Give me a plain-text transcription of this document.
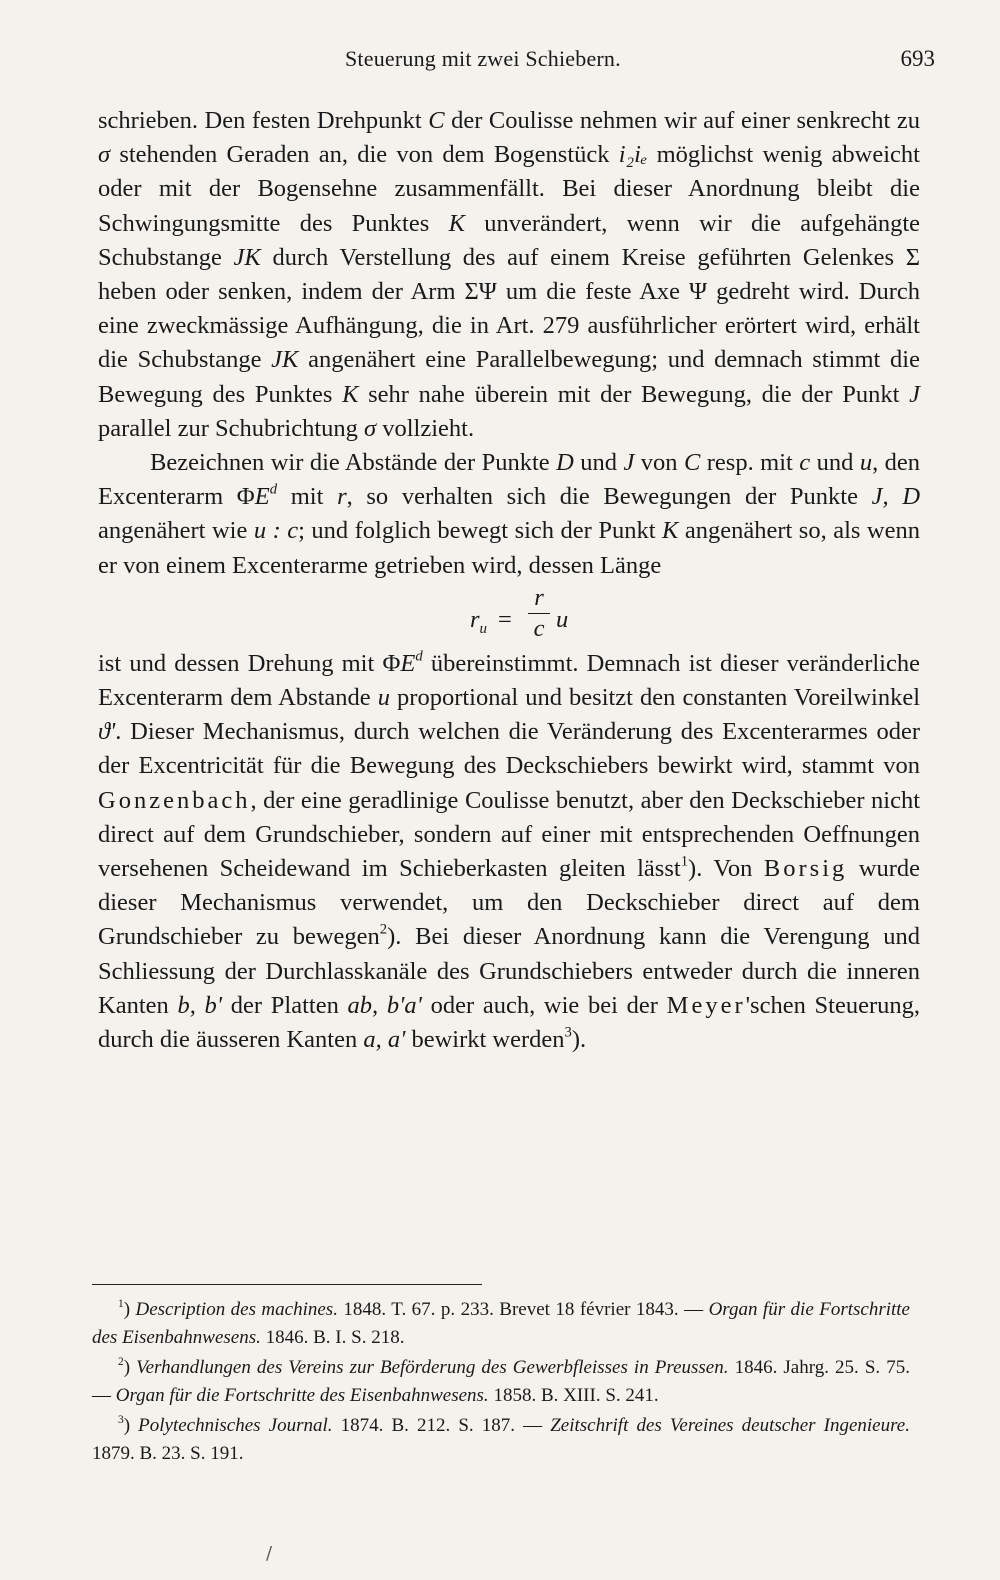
Steuerung mit zwei Schiebern.	693

schrieben. Den festen Drehpunkt C der Coulisse nehmen wir auf einer senkrecht zu σ stehenden Geraden an, die von dem Bogenstück i₂iₑ möglichst wenig abweicht oder mit der Bogensehne zusammenfällt. Bei dieser Anordnung bleibt die Schwingungsmitte des Punktes K unverändert, wenn wir die aufgehängte Schubstange JK durch Verstellung des auf einem Kreise geführten Gelenkes Σ heben oder senken, indem der Arm ΣΨ um die feste Axe Ψ gedreht wird. Durch eine zweckmässige Aufhängung, die in Art. 279 ausführlicher erörtert wird, erhält die Schubstange JK angenähert eine Parallelbewegung; und demnach stimmt die Bewegung des Punktes K sehr nahe überein mit der Bewegung, die der Punkt J parallel zur Schubrichtung σ vollzieht.

Bezeichnen wir die Abstände der Punkte D und J von C resp. mit c und u, den Excenterarm $\Phi E^d$ mit r, so verhalten sich die Bewegungen der Punkte J, D angenähert wie u : c; und folglich bewegt sich der Punkt K angenähert so, als wenn er von einem Excenterarme getrieben wird, dessen Länge

$r_u$ =
r
c u

ist und dessen Drehung mit $\Phi E^d$ übereinstimmt. Demnach ist dieser veränderliche Excenterarm dem Abstande u proportional und besitzt den constanten Voreilwinkel ϑ'. Dieser Mechanismus, durch welchen die Veränderung des Excenterarmes oder der Excentricität für die Bewegung des Deckschiebers bewirkt wird, stammt von Gonzenbach, der eine geradlinige Coulisse benutzt, aber den Deckschieber nicht direct auf dem Grundschieber, sondern auf einer mit entsprechenden Oeffnungen versehenen Scheidewand im Schieberkasten gleiten lässt$^1$). Von Borsig wurde dieser Mechanismus verwendet, um den Deckschieber direct auf dem Grundschieber zu bewegen$^2$). Bei dieser Anordnung kann die Verengung und Schliessung der Durchlasskanäle des Grundschiebers entweder durch die inneren Kanten b, b' der Platten ab, b'a' oder auch, wie bei der Meyer'schen Steuerung, durch die äusseren Kanten a, a' bewirkt werden$^3$).

$^1$) Description des machines. 1848. T. 67. p. 233. Brevet 18 février 1843. — Organ für die Fortschritte des Eisenbahnwesens. 1846. B. I. S. 218.

$^2$) Verhandlungen des Vereins zur Beförderung des Gewerbfleisses in Preussen. 1846. Jahrg. 25. S. 75. — Organ für die Fortschritte des Eisenbahnwesens. 1858. B. XIII. S. 241.

$^3$) Polytechnisches Journal. 1874. B. 212. S. 187. — Zeitschrift des Vereines deutscher Ingenieure. 1879. B. 23. S. 191.

/
